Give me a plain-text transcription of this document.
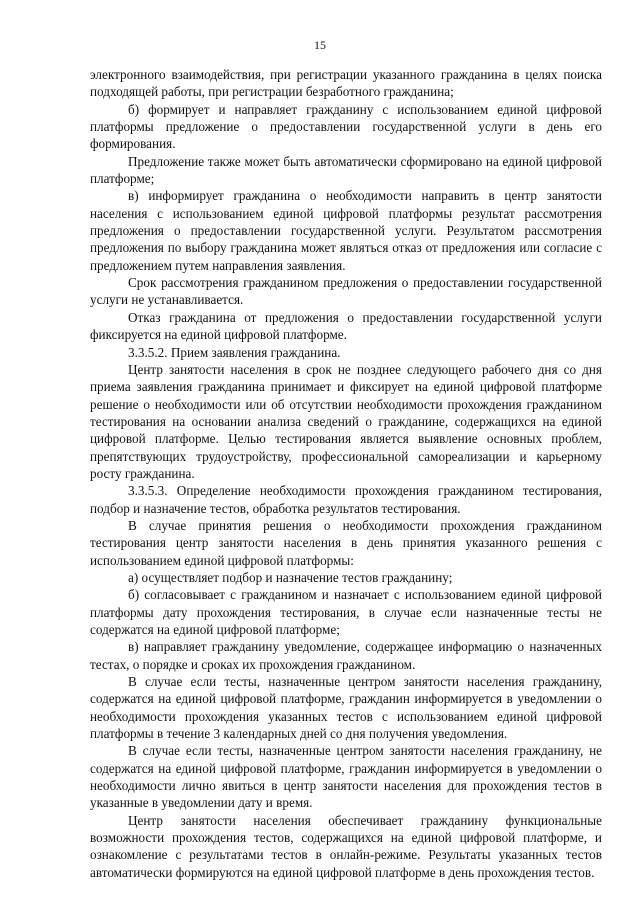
15

электронного взаимодействия, при регистрации указанного гражданина в целях поиска подходящей работы, при регистрации безработного гражданина;

б) формирует и направляет гражданину с использованием единой цифровой платформы предложение о предоставлении государственной услуги в день его формирования.

Предложение также может быть автоматически сформировано на единой цифровой платформе;

в) информирует гражданина о необходимости направить в центр занятости населения с использованием единой цифровой платформы результат рассмотрения предложения о предоставлении государственной услуги. Результатом рассмотрения предложения по выбору гражданина может являться отказ от предложения или согласие с предложением путем направления заявления.

Срок рассмотрения гражданином предложения о предоставлении государственной услуги не устанавливается.

Отказ гражданина от предложения о предоставлении государственной услуги фиксируется на единой цифровой платформе.

3.3.5.2. Прием заявления гражданина.

Центр занятости населения в срок не позднее следующего рабочего дня со дня приема заявления гражданина принимает и фиксирует на единой цифровой платформе решение о необходимости или об отсутствии необходимости прохождения гражданином тестирования на основании анализа сведений о гражданине, содержащихся на единой цифровой платформе. Целью тестирования является выявление основных проблем, препятствующих трудоустройству, профессиональной самореализации и карьерному росту гражданина.

3.3.5.3. Определение необходимости прохождения гражданином тестирования, подбор и назначение тестов, обработка результатов тестирования.

В случае принятия решения о необходимости прохождения гражданином тестирования центр занятости населения в день принятия указанного решения с использованием единой цифровой платформы:

а) осуществляет подбор и назначение тестов гражданину;

б) согласовывает с гражданином и назначает с использованием единой цифровой платформы дату прохождения тестирования, в случае если назначенные тесты не содержатся на единой цифровой платформе;

в) направляет гражданину уведомление, содержащее информацию о назначенных тестах, о порядке и сроках их прохождения гражданином.

В случае если тесты, назначенные центром занятости населения гражданину, содержатся на единой цифровой платформе, гражданин информируется в уведомлении о необходимости прохождения указанных тестов с использованием единой цифровой платформы в течение 3 календарных дней со дня получения уведомления.

В случае если тесты, назначенные центром занятости населения гражданину, не содержатся на единой цифровой платформе, гражданин информируется в уведомлении о необходимости лично явиться в центр занятости населения для прохождения тестов в указанные в уведомлении дату и время.

Центр занятости населения обеспечивает гражданину функциональные возможности прохождения тестов, содержащихся на единой цифровой платформе, и ознакомление с результатами тестов в онлайн-режиме. Результаты указанных тестов автоматически формируются на единой цифровой платформе в день прохождения тестов.
